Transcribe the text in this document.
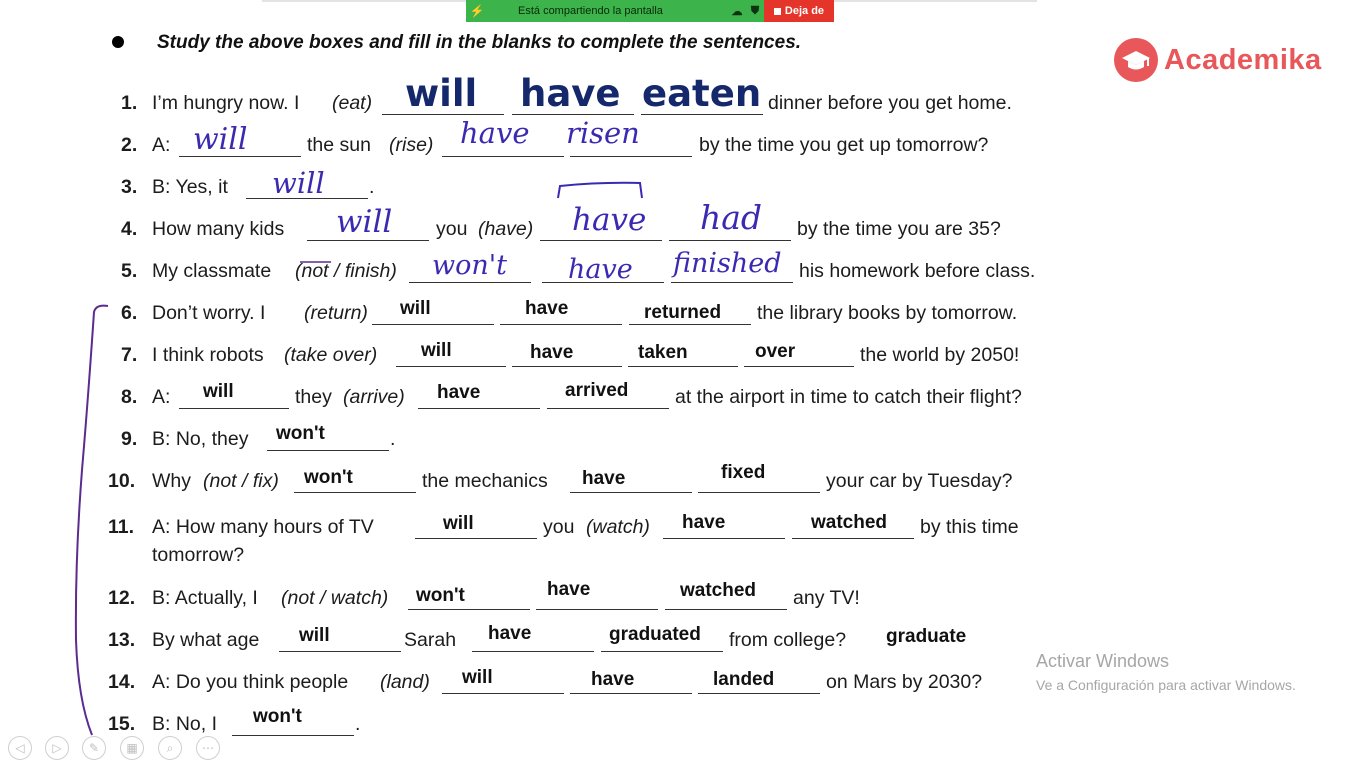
⚡	Está compartiendo la pantalla	☁ ⛊	Deja de
Study the above boxes and fill in the blanks to complete the sentences.
Academika
1. I’m hungry now. I (eat) will have eaten dinner before you get home.
2. A: will	the sun (rise) have risen	by the time you get up tomorrow?
3. B: Yes, it will .
4. How many kids will you (have) have had by the time you are 35?
5. My classmate (not / finish) won't have finished his homework before class.
6. Don’t worry. I (return) will	have	returned the library books by tomorrow.
7. I think robots (take over) will	have	taken	over	the world by 2050!
8. A: will	they (arrive) have	arrived at the airport in time to catch their flight?
9. B: No, they won't	.
10. Why (not / fix) won't	the mechanics have	fixed	your car by Tuesday?
11. A: How many hours of TV	will	you (watch) have	watched by this time
tomorrow?
12. B: Actually, I (not / watch) won't	have	watched any TV!
13. By what age will	Sarah have	graduated from college? graduate
14. A: Do you think people (land) will	have	landed	on Mars by 2030?
15. B: No, I won't	.
Activar Windows
Ve a Configuración para activar Windows.
◁	▷	✎	▦	⌕	⋯
